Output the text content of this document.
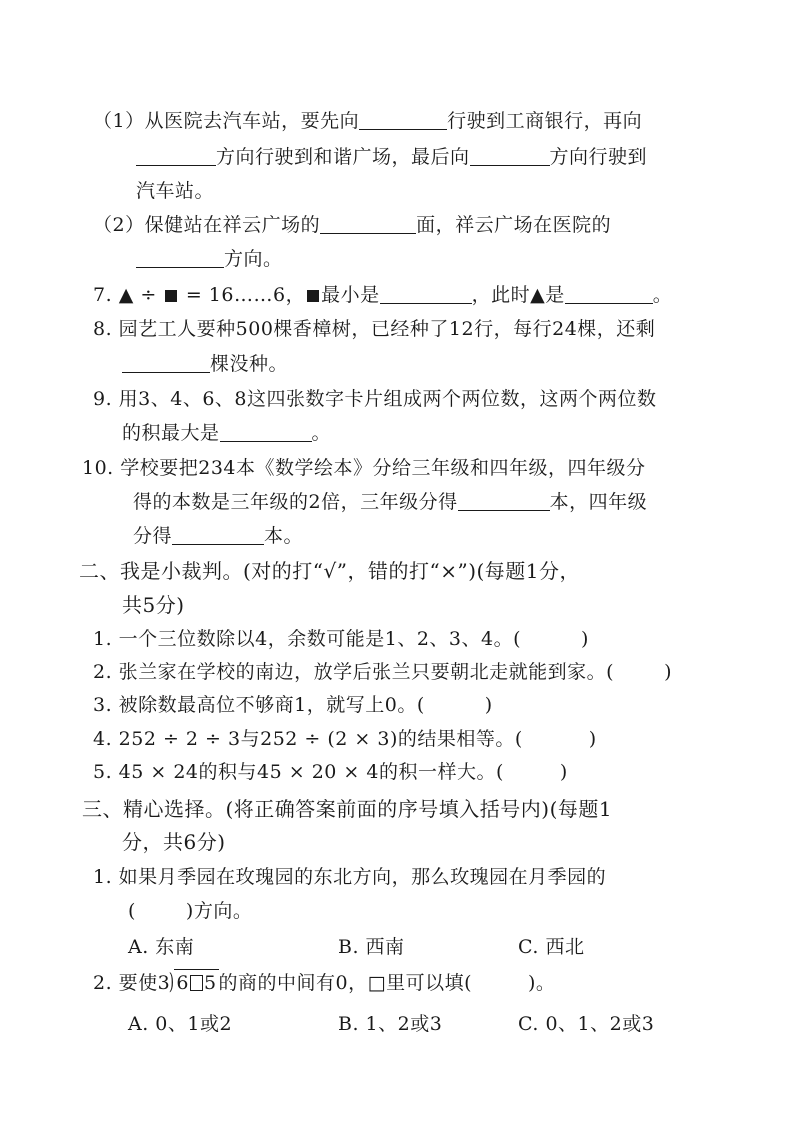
（1）从医院去汽车站，要先向	行驶到工商银行，再向
方向行驶到和谐广场，最后向	方向行驶到
汽车站。
（2）保健站在祥云广场的	面，祥云广场在医院的
方向。
7. ▲ ÷  = 16……6， 最小是	，此时▲是	。
8. 园艺工人要种500棵香樟树，已经种了12行，每行24棵，还剩
棵没种。
9. 用3、4、6、8这四张数字卡片组成两个两位数，这两个两位数
的积最大是	。
10. 学校要把234本《数学绘本》分给三年级和四年级，四年级分
得的本数是三年级的2倍，三年级分得	本，四年级
分得	本。
二、我是小裁判。(对的打“√”，错的打“×”)(每题1分，
共5分)
1. 一个三位数除以4，余数可能是1、2、3、4。(	)
2. 张兰家在学校的南边，放学后张兰只要朝北走就能到家。(	)
3. 被除数最高位不够商1，就写上0。(	)
4. 252 ÷ 2 ÷ 3与252 ÷ (2 × 3)的结果相等。(	)
5. 45 × 24的积与45 × 20 × 4的积一样大。(	)
三、精心选择。(将正确答案前面的序号填入括号内)(每题1
分，共6分)
1. 如果月季园在玫瑰园的东北方向，那么玫瑰园在月季园的
(	)方向。
A. 东南	B. 西南	C. 西北
2. 要使3)6 5 的商的中间有0，□里可以填(	)。
A. 0、1或2	B. 1、2或3	C. 0、1、2或3
